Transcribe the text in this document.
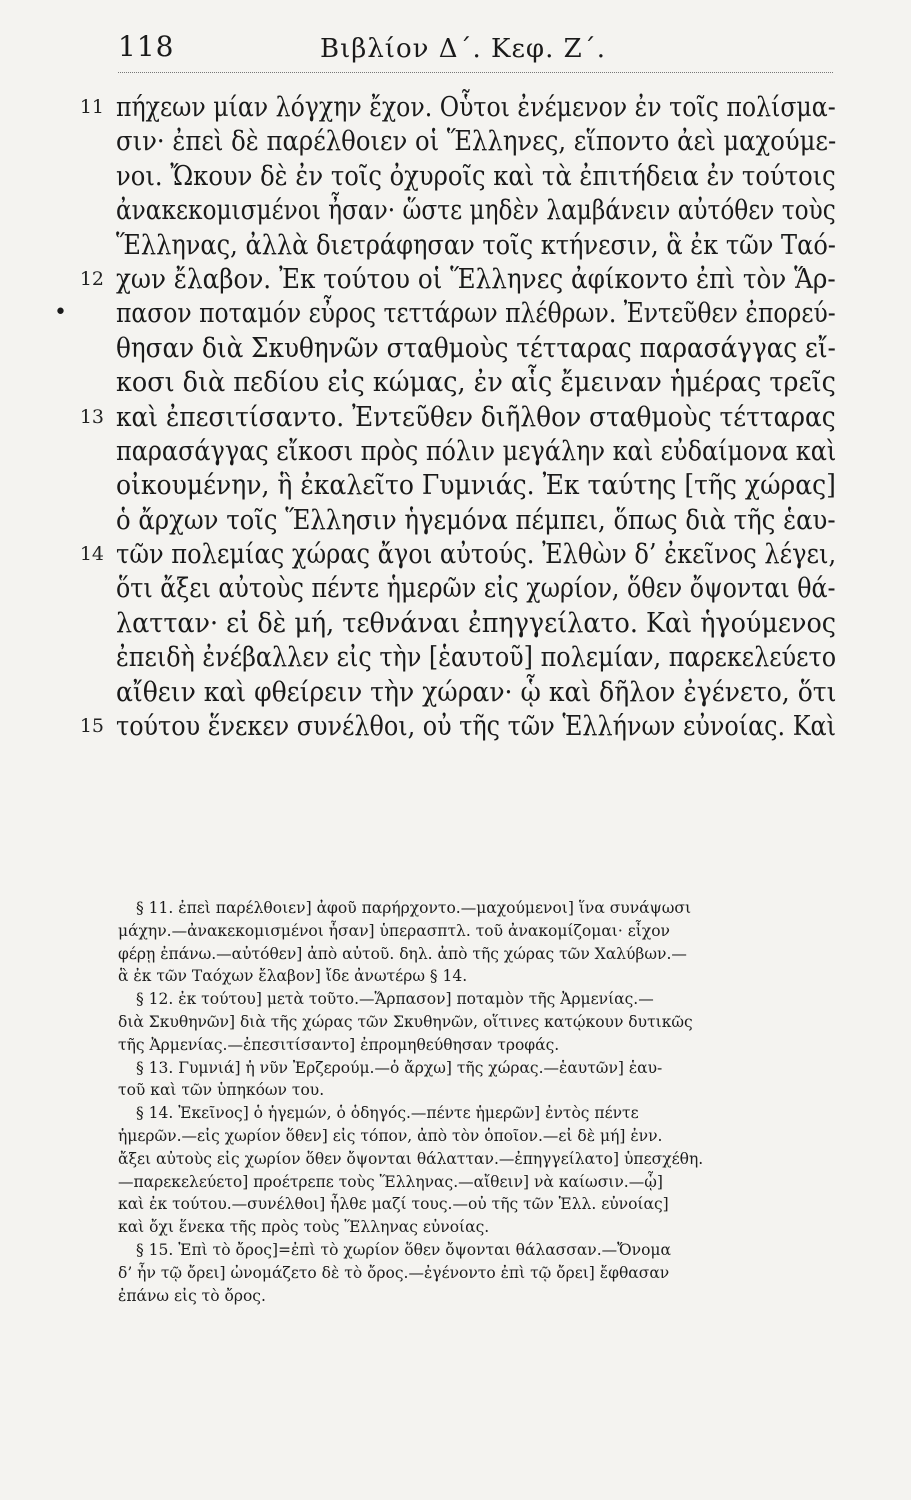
118	Βιβλίον Δ΄. Κεφ. Ζ΄.
11 πήχεων μίαν λόγχην ἔχον. Οὗτοι ἐνέμενον ἐν τοῖς πολίσμα-
σιν· ἐπεὶ δὲ παρέλθοιεν οἱ Ἕλληνες, εἵποντο ἀεὶ μαχούμε-
νοι. Ὤκουν δὲ ἐν τοῖς ὀχυροῖς καὶ τὰ ἐπιτήδεια ἐν τούτοις
ἀνακεκομισμένοι ἦσαν· ὥστε μηδὲν λαμβάνειν αὐτόθεν τοὺς
Ἕλληνας, ἀλλὰ διετράφησαν τοῖς κτήνεσιν, ἃ ἐκ τῶν Ταό-
12 χων ἔλαβον. Ἐκ τούτου οἱ Ἕλληνες ἀφίκοντο ἐπὶ τὸν Ἅρ-
• πασον ποταμόν εὖρος τεττάρων πλέθρων. Ἐντεῦθεν ἐπορεύ-
θησαν διὰ Σκυθηνῶν σταθμοὺς τέτταρας παρασάγγας εἴ-
κοσι διὰ πεδίου εἰς κώμας, ἐν αἷς ἔμειναν ἡμέρας τρεῖς
13 καὶ ἐπεσιτίσαντο. Ἐντεῦθεν διῆλθον σταθμοὺς τέτταρας
παρασάγγας εἴκοσι πρὸς πόλιν μεγάλην καὶ εὐδαίμονα καὶ
οἰκουμένην, ἣ ἐκαλεῖτο Γυμνιάς. Ἐκ ταύτης [τῆς χώρας]
ὁ ἄρχων τοῖς Ἕλλησιν ἡγεμόνα πέμπει, ὅπως διὰ τῆς ἑαυ-
14 τῶν πολεμίας χώρας ἄγοι αὐτούς. Ἐλθὼν δ’ ἐκεῖνος λέγει,
ὅτι ἄξει αὐτοὺς πέντε ἡμερῶν εἰς χωρίον, ὅθεν ὄψονται θά-
λατταν· εἰ δὲ μή, τεθνάναι ἐπηγγείλατο. Καὶ ἡγούμενος
ἐπειδὴ ἐνέβαλλεν εἰς τὴν [ἑαυτοῦ] πολεμίαν, παρεκελεύετο
αἴθειν καὶ φθείρειν τὴν χώραν· ᾧ καὶ δῆλον ἐγένετο, ὅτι
15 τούτου ἕνεκεν συνέλθοι, οὐ τῆς τῶν Ἑλλήνων εὐνοίας. Καὶ
§ 11. ἐπεὶ παρέλθοιεν] ἀφοῦ παρήρχοντο.—μαχούμενοι] ἵνα συνάψωσι
μάχην.—ἀνακεκομισμένοι ἦσαν] ὑπερασπτλ. τοῦ ἀνακομίζομαι· εἶχον
φέρῃ ἐπάνω.—αὐτόθεν] ἀπὸ αὐτοῦ. δηλ. ἀπὸ τῆς χώρας τῶν Χαλύβων.—
ἃ ἐκ τῶν Ταόχων ἔλαβον] ἴδε ἀνωτέρω § 14.
§ 12. ἐκ τούτου] μετὰ τοῦτο.—Ἅρπασον] ποταμὸν τῆς Ἀρμενίας.—
διὰ Σκυθηνῶν] διὰ τῆς χώρας τῶν Σκυθηνῶν, οἵτινες κατῴκουν δυτικῶς
τῆς Ἀρμενίας.—ἐπεσιτίσαντο] ἐπρομηθεύθησαν τροφάς.
§ 13. Γυμνιά] ἡ νῦν Ἐρζερούμ.—ὁ ἄρχω] τῆς χώρας.—ἑαυτῶν] ἑαυ-
τοῦ καὶ τῶν ὑπηκόων του.
§ 14. Ἐκεῖνος] ὁ ἡγεμών, ὁ ὁδηγός.—πέντε ἡμερῶν] ἐντὸς πέντε
ἡμερῶν.—εἰς χωρίον ὅθεν] εἰς τόπον, ἀπὸ τὸν ὁποῖον.—εἰ δὲ μή] ἐνν.
ἄξει αὐτοὺς εἰς χωρίον ὅθεν ὄψονται θάλατταν.—ἐπηγγείλατο] ὑπεσχέθη.
—παρεκελεύετο] προέτρεπε τοὺς Ἕλληνας.—αἴθειν] νὰ καίωσιν.—ᾧ]
καὶ ἐκ τούτου.—συνέλθοι] ἦλθε μαζί τους.—οὐ τῆς τῶν Ἑλλ. εὐνοίας]
καὶ ὄχι ἕνεκα τῆς πρὸς τοὺς Ἕλληνας εὐνοίας.
§ 15. Ἐπὶ τὸ ὄρος]=ἐπὶ τὸ χωρίον ὅθεν ὄψονται θάλασσαν.—Ὄνομα
δ’ ἦν τῷ ὄρει] ὠνομάζετο δὲ τὸ ὄρος.—ἐγένοντο ἐπὶ τῷ ὄρει] ἔφθασαν
ἐπάνω εἰς τὸ ὄρος.
